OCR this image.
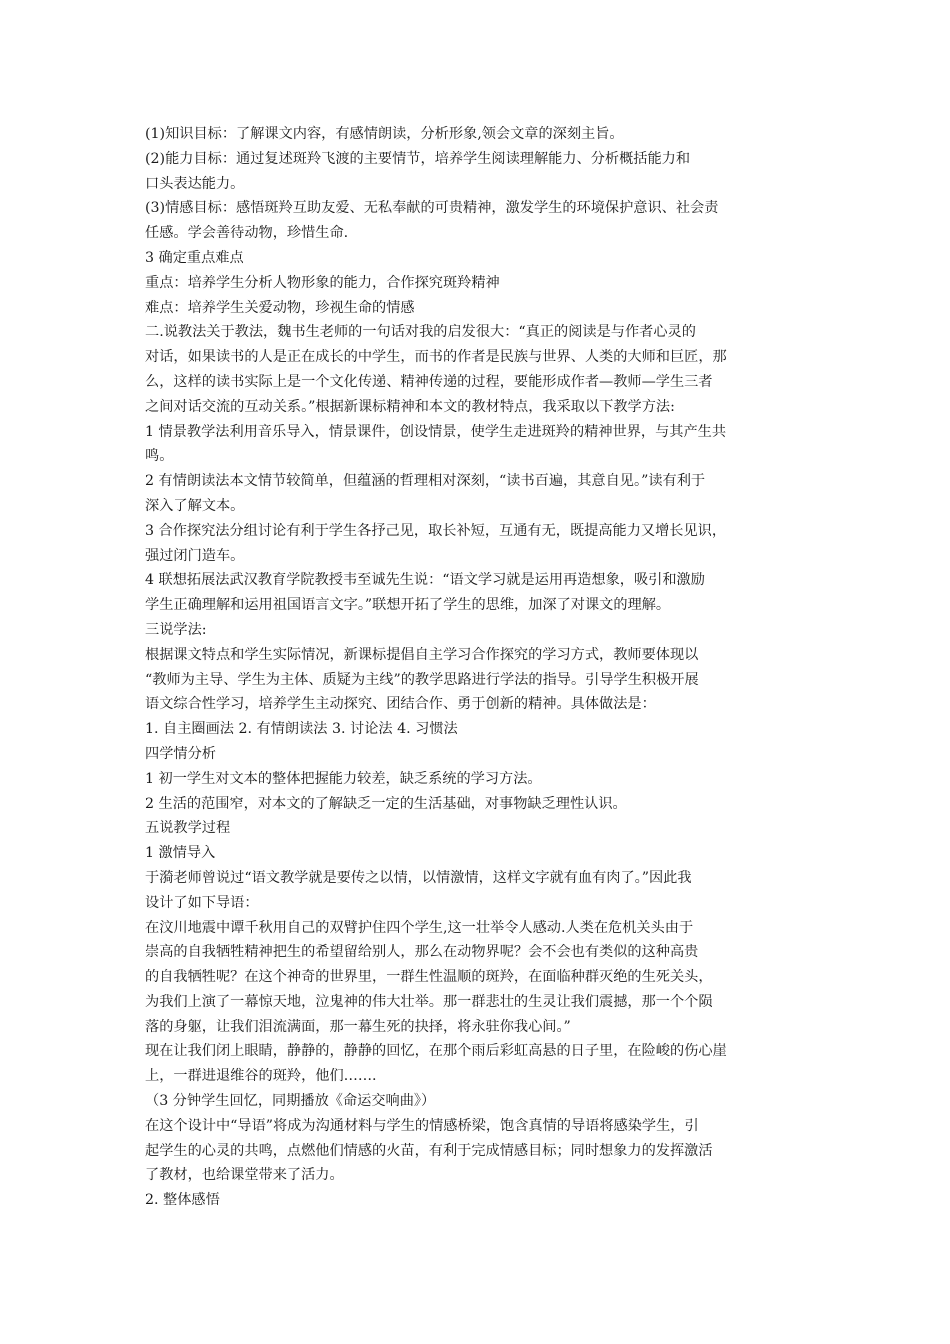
(1)知识目标：了解课文内容，有感情朗读，分析形象,领会文章的深刻主旨。

(2)能力目标：通过复述斑羚飞渡的主要情节，培养学生阅读理解能力、分析概括能力和

口头表达能力。

(3)情感目标：感悟斑羚互助友爱、无私奉献的可贵精神，激发学生的环境保护意识、社会责

任感。学会善待动物，珍惜生命.

3 确定重点难点

重点：培养学生分析人物形象的能力，合作探究斑羚精神

难点：培养学生关爱动物，珍视生命的情感

二.说教法关于教法，魏书生老师的一句话对我的启发很大：“真正的阅读是与作者心灵的

对话，如果读书的人是正在成长的中学生，而书的作者是民族与世界、人类的大师和巨匠，那

么，这样的读书实际上是一个文化传递、精神传递的过程，要能形成作者—教师—学生三者

之间对话交流的互动关系。”根据新课标精神和本文的教材特点，我采取以下教学方法:

1 情景教学法利用音乐导入，情景课件，创设情景，使学生走进斑羚的精神世界，与其产生共

鸣。

2 有情朗读法本文情节较简单，但蕴涵的哲理相对深刻，“读书百遍，其意自见。”读有利于

深入了解文本。

3 合作探究法分组讨论有利于学生各抒己见，取长补短，互通有无，既提高能力又增长见识，

强过闭门造车。

4 联想拓展法武汉教育学院教授韦至诚先生说：“语文学习就是运用再造想象，吸引和激励

学生正确理解和运用祖国语言文字。”联想开拓了学生的思维，加深了对课文的理解。

三说学法:

根据课文特点和学生实际情况，新课标提倡自主学习合作探究的学习方式，教师要体现以

“教师为主导、学生为主体、质疑为主线”的教学思路进行学法的指导。引导学生积极开展

语文综合性学习，培养学生主动探究、团结合作、勇于创新的精神。具体做法是：

1. 自主圈画法 2. 有情朗读法 3. 讨论法 4. 习惯法

四学情分析

1 初一学生对文本的整体把握能力较差，缺乏系统的学习方法。

2 生活的范围窄，对本文的了解缺乏一定的生活基础，对事物缺乏理性认识。

五说教学过程

1 激情导入

于漪老师曾说过“语文教学就是要传之以情，以情激情，这样文字就有血有肉了。”因此我

设计了如下导语：

在汶川地震中谭千秋用自己的双臂护住四个学生,这一壮举令人感动.人类在危机关头由于

崇高的自我牺牲精神把生的希望留给别人，那么在动物界呢？会不会也有类似的这种高贵

的自我牺牲呢？在这个神奇的世界里，一群生性温顺的斑羚，在面临种群灭绝的生死关头，

为我们上演了一幕惊天地，泣鬼神的伟大壮举。那一群悲壮的生灵让我们震撼，那一个个陨

落的身躯，让我们泪流满面，那一幕生死的抉择，将永驻你我心间。”

现在让我们闭上眼睛，静静的，静静的回忆，在那个雨后彩虹高悬的日子里，在险峻的伤心崖

上，一群进退维谷的斑羚，他们…….

（3 分钟学生回忆，同期播放《命运交响曲》）

在这个设计中“导语”将成为沟通材料与学生的情感桥梁，饱含真情的导语将感染学生，引

起学生的心灵的共鸣，点燃他们情感的火苗，有利于完成情感目标；同时想象力的发挥激活

了教材，也给课堂带来了活力。

2. 整体感悟
